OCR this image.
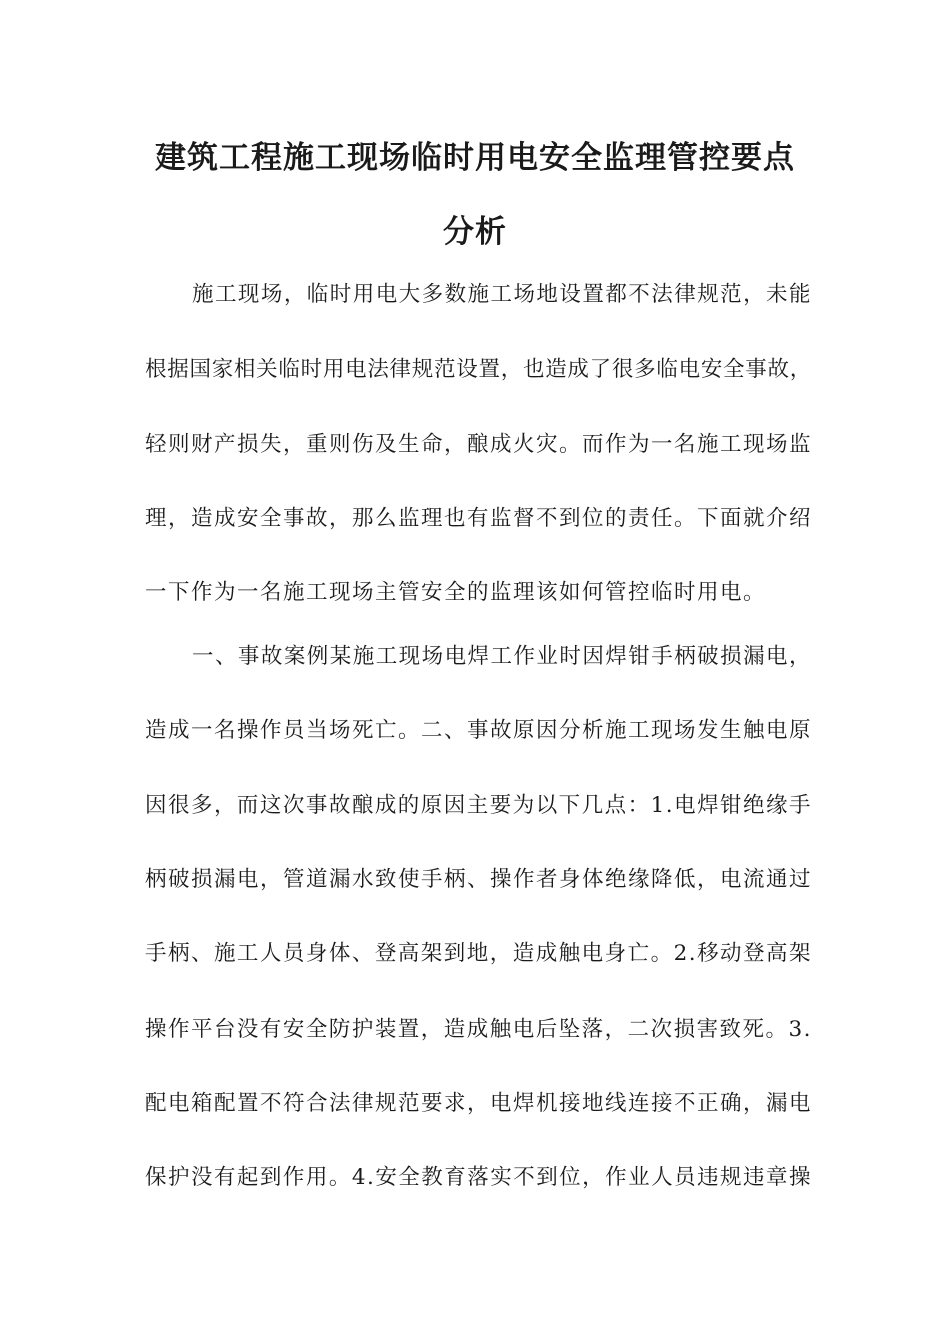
建筑工程施工现场临时用电安全监理管控要点
分析

施工现场，临时用电大多数施工场地设置都不法律规范，未能

根据国家相关临时用电法律规范设置，也造成了很多临电安全事故，

轻则财产损失，重则伤及生命，酿成火灾。而作为一名施工现场监

理，造成安全事故，那么监理也有监督不到位的责任。下面就介绍

一下作为一名施工现场主管安全的监理该如何管控临时用电。

一、事故案例某施工现场电焊工作业时因焊钳手柄破损漏电，

造成一名操作员当场死亡。二、事故原因分析施工现场发生触电原

因很多，而这次事故酿成的原因主要为以下几点：1.电焊钳绝缘手

柄破损漏电，管道漏水致使手柄、操作者身体绝缘降低，电流通过

手柄、施工人员身体、登高架到地，造成触电身亡。2.移动登高架

操作平台没有安全防护装置，造成触电后坠落，二次损害致死。3.

配电箱配置不符合法律规范要求，电焊机接地线连接不正确，漏电

保护没有起到作用。4.安全教育落实不到位，作业人员违规违章操
